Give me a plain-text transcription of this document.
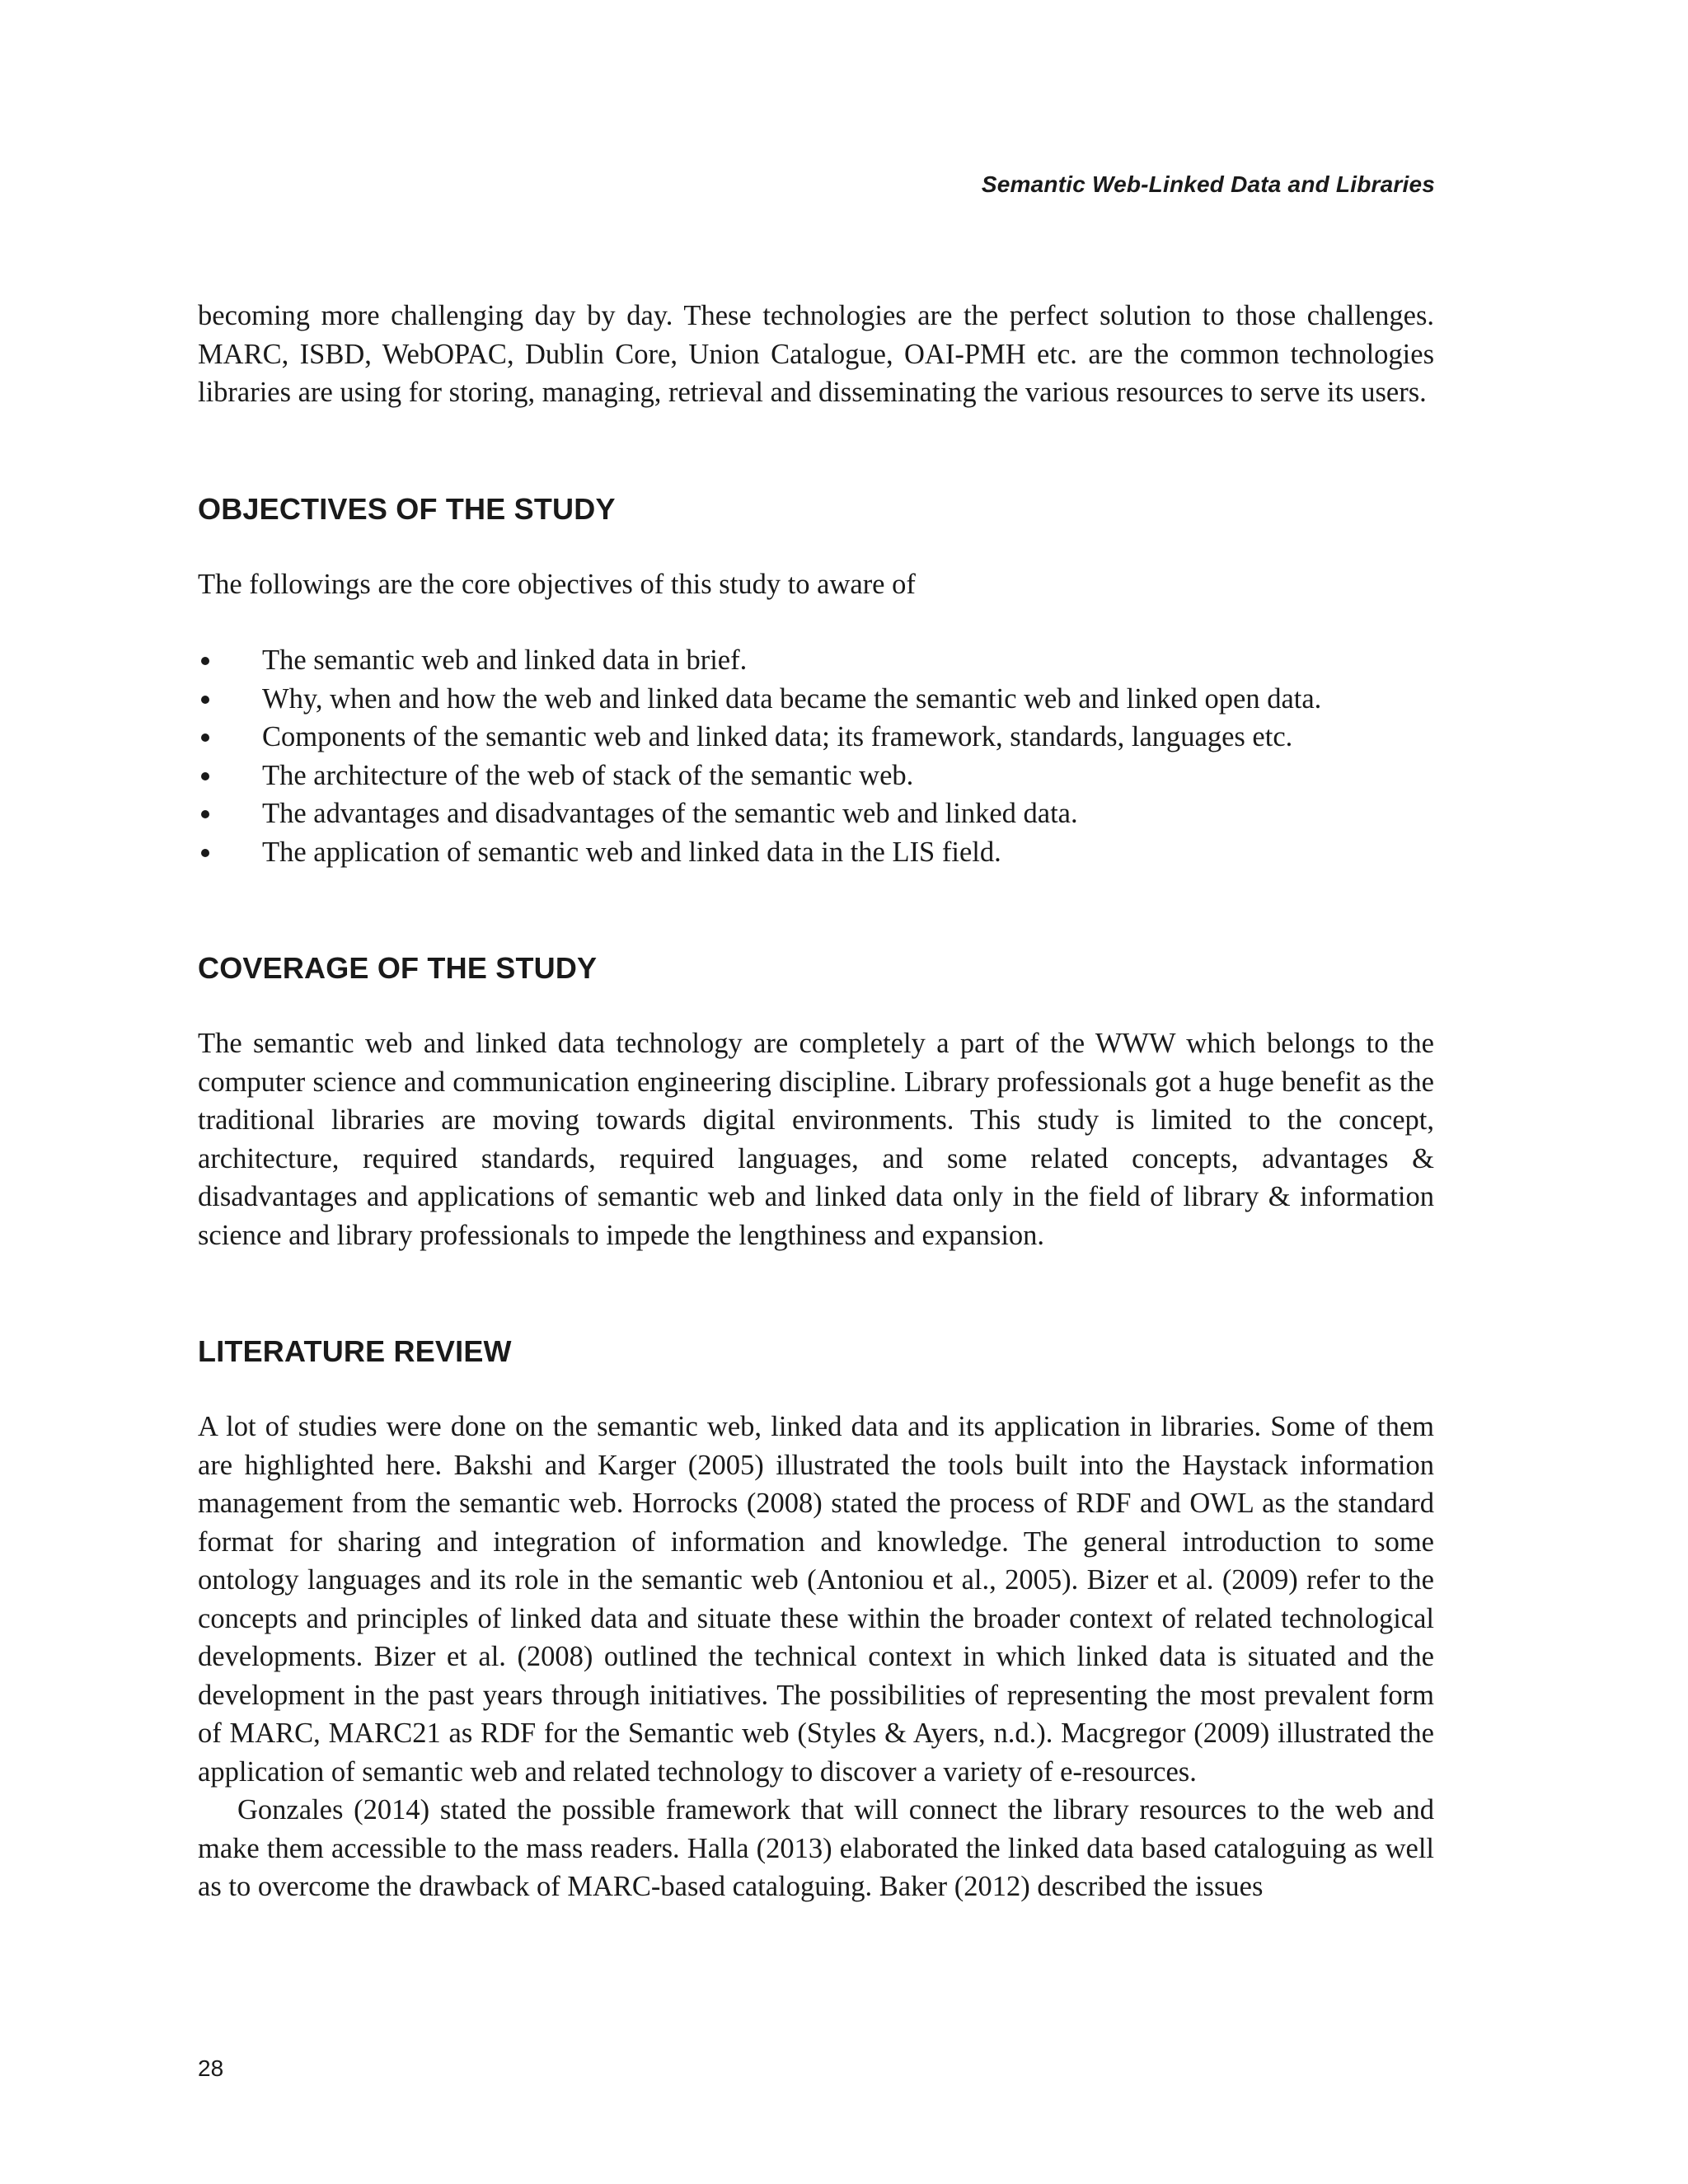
Semantic Web-Linked Data and Libraries

becoming more challenging day by day. These technologies are the perfect solution to those challenges. MARC, ISBD, WebOPAC, Dublin Core, Union Catalogue, OAI-PMH etc. are the common technologies libraries are using for storing, managing, retrieval and disseminating the various resources to serve its users.

OBJECTIVES OF THE STUDY

The followings are the core objectives of this study to aware of

The semantic web and linked data in brief.
Why, when and how the web and linked data became the semantic web and linked open data.
Components of the semantic web and linked data; its framework, standards, languages etc.
The architecture of the web of stack of the semantic web.
The advantages and disadvantages of the semantic web and linked data.
The application of semantic web and linked data in the LIS field.
COVERAGE OF THE STUDY

The semantic web and linked data technology are completely a part of the WWW which belongs to the computer science and communication engineering discipline. Library professionals got a huge benefit as the traditional libraries are moving towards digital environments. This study is limited to the concept, architecture, required standards, required languages, and some related concepts, advantages & disadvantages and applications of semantic web and linked data only in the field of library & information science and library professionals to impede the lengthiness and expansion.

LITERATURE REVIEW

A lot of studies were done on the semantic web, linked data and its application in libraries. Some of them are highlighted here. Bakshi and Karger (2005) illustrated the tools built into the Haystack information management from the semantic web. Horrocks (2008) stated the process of RDF and OWL as the standard format for sharing and integration of information and knowledge. The general introduction to some ontology languages and its role in the semantic web (Antoniou et al., 2005). Bizer et al. (2009) refer to the concepts and principles of linked data and situate these within the broader context of related technological developments. Bizer et al. (2008) outlined the technical context in which linked data is situated and the development in the past years through initiatives. The possibilities of representing the most prevalent form of MARC, MARC21 as RDF for the Semantic web (Styles & Ayers, n.d.). Macgregor (2009) illustrated the application of semantic web and related technology to discover a variety of e-resources.

Gonzales (2014) stated the possible framework that will connect the library resources to the web and make them accessible to the mass readers. Halla (2013) elaborated the linked data based cataloguing as well as to overcome the drawback of MARC-based cataloguing. Baker (2012) described the issues

28
